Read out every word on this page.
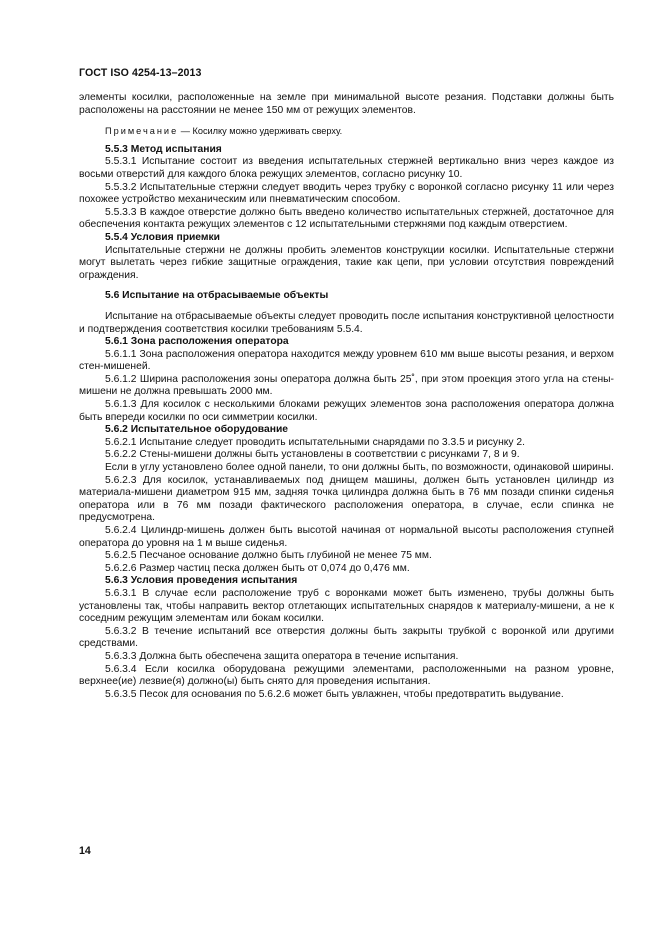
ГОСТ ISO 4254-13–2013

элементы косилки, расположенные на земле при минимальной высоте резания. Подставки должны быть расположены на расстоянии не менее 150 мм от режущих элементов.

Примечание — Косилку можно удерживать сверху.

5.5.3 Метод испытания

5.5.3.1 Испытание состоит из введения испытательных стержней вертикально вниз через каждое из восьми отверстий для каждого блока режущих элементов, согласно рисунку 10.

5.5.3.2 Испытательные стержни следует вводить через трубку с воронкой согласно рисунку 11 или через похожее устройство механическим или пневматическим способом.

5.5.3.3 В каждое отверстие должно быть введено количество испытательных стержней, достаточное для обеспечения контакта режущих элементов с 12 испытательными стержнями под каждым отверстием.

5.5.4 Условия приемки

Испытательные стержни не должны пробить элементов конструкции косилки. Испытательные стержни могут вылетать через гибкие защитные ограждения, такие как цепи, при условии отсутствия повреждений ограждения.

5.6 Испытание на отбрасываемые объекты

Испытание на отбрасываемые объекты следует проводить после испытания конструктивной целостности и подтверждения соответствия косилки требованиям 5.5.4.

5.6.1 Зона расположения оператора

5.6.1.1 Зона расположения оператора находится между уровнем 610 мм выше высоты резания, и верхом стен-мишеней.

5.6.1.2 Ширина расположения зоны оператора должна быть 25˚, при этом проекция этого угла на стены-мишени не должна превышать 2000 мм.

5.6.1.3 Для косилок с несколькими блоками режущих элементов зона расположения оператора должна быть впереди косилки по оси симметрии косилки.

5.6.2 Испытательное оборудование

5.6.2.1 Испытание следует проводить испытательными снарядами по 3.3.5 и рисунку 2.

5.6.2.2 Стены-мишени должны быть установлены в соответствии с рисунками 7, 8 и 9.

Если в углу установлено более одной панели, то они должны быть, по возможности, одинаковой ширины.

5.6.2.3 Для косилок, устанавливаемых под днищем машины, должен быть установлен цилиндр из материала-мишени диаметром 915 мм, задняя точка цилиндра должна быть в 76 мм позади спинки сиденья оператора или в 76 мм позади фактического расположения оператора, в случае, если спинка не предусмотрена.

5.6.2.4 Цилиндр-мишень должен быть высотой начиная от нормальной высоты расположения ступней оператора до уровня на 1 м выше сиденья.

5.6.2.5 Песчаное основание должно быть глубиной не менее 75 мм.

5.6.2.6 Размер частиц песка должен быть от 0,074 до 0,476 мм.

5.6.3 Условия проведения испытания

5.6.3.1 В случае если расположение труб с воронками может быть изменено, трубы должны быть установлены так, чтобы направить вектор отлетающих испытательных снарядов к материалу-мишени, а не к соседним режущим элементам или бокам косилки.

5.6.3.2 В течение испытаний все отверстия должны быть закрыты трубкой с воронкой или другими средствами.

5.6.3.3 Должна быть обеспечена защита оператора в течение испытания.

5.6.3.4 Если косилка оборудована режущими элементами, расположенными на разном уровне, верхнее(ие) лезвие(я) должно(ы) быть снято для проведения испытания.

5.6.3.5 Песок для основания по 5.6.2.6 может быть увлажнен, чтобы предотвратить выдувание.

14
